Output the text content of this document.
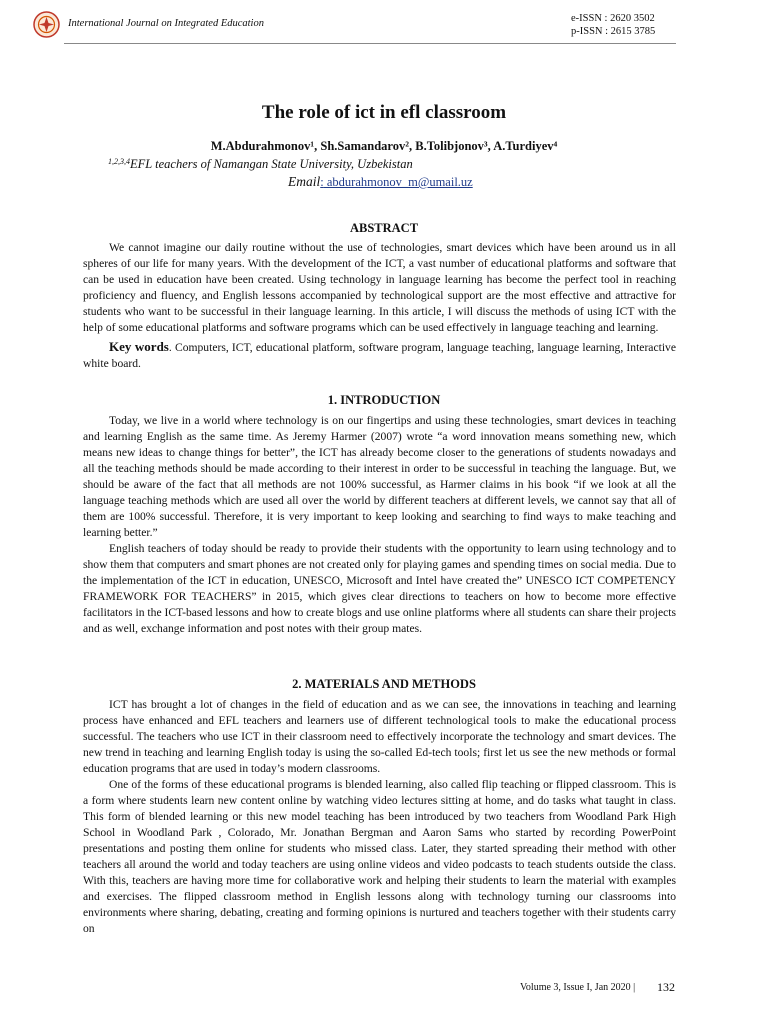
International Journal on Integrated Education	e-ISSN : 2620 3502
p-ISSN : 2615 3785
The role of ict in efl classroom
M.Abdurahmonov¹, Sh.Samandarov², B.Tolibjonov³, A.Turdiyev⁴
$^{1,2,3,4}$EFL teachers of Namangan State University, Uzbekistan
Email: abdurahmonov_m@umail.uz
ABSTRACT

We cannot imagine our daily routine without the use of technologies, smart devices which have been around us in all spheres of our life for many years. With the development of the ICT, a vast number of educational platforms and software that can be used in education have been created. Using technology in language learning has become the perfect tool in reaching proficiency and fluency, and English lessons accompanied by technological support are the most effective and attractive for students who want to be successful in their language learning. In this article, I will discuss the methods of using ICT with the help of some educational platforms and software programs which can be used effectively in language teaching and learning.

Key words. Computers, ICT, educational platform, software program, language teaching, language learning, Interactive white board.

1. INTRODUCTION

Today, we live in a world where technology is on our fingertips and using these technologies, smart devices in teaching and learning English as the same time. As Jeremy Harmer (2007) wrote “a word innovation means something new, which means new ideas to change things for better”, the ICT has already become closer to the generations of students nowadays and all the teaching methods should be made according to their interest in order to be successful in teaching the language. But, we should be aware of the fact that all methods are not 100% successful, as Harmer claims in his book “if we look at all the language teaching methods which are used all over the world by different teachers at different levels, we cannot say that all of them are 100% successful. Therefore, it is very important to keep looking and searching to find ways to make teaching and learning better.”

English teachers of today should be ready to provide their students with the opportunity to learn using technology and to show them that computers and smart phones are not created only for playing games and spending times on social media. Due to the implementation of the ICT in education, UNESCO, Microsoft and Intel have created the” UNESCO ICT COMPETENCY FRAMEWORK FOR TEACHERS” in 2015, which gives clear directions to teachers on how to become more effective facilitators in the ICT-based lessons and how to create blogs and use online platforms where all students can share their projects and as well, exchange information and post notes with their group mates.

2. MATERIALS AND METHODS

ICT has brought a lot of changes in the field of education and as we can see, the innovations in teaching and learning process have enhanced and EFL teachers and learners use of different technological tools to make the educational process successful. The teachers who use ICT in their classroom need to effectively incorporate the technology and smart devices. The new trend in teaching and learning English today is using the so-called Ed-tech tools; first let us see the new methods or formal education programs that are used in today’s modern classrooms.

One of the forms of these educational programs is blended learning, also called flip teaching or flipped classroom. This is a form where students learn new content online by watching video lectures sitting at home, and do tasks what taught in class. This form of blended learning or this new model teaching has been introduced by two teachers from Woodland Park High School in Woodland Park , Colorado, Mr. Jonathan Bergman and Aaron Sams who started by recording PowerPoint presentations and posting them online for students who missed class. Later, they started spreading their method with other teachers all around the world and today teachers are using online videos and video podcasts to teach students outside the class. With this, teachers are having more time for collaborative work and helping their students to learn the material with examples and exercises. The flipped classroom method in English lessons along with technology turning our classrooms into environments where sharing, debating, creating and forming opinions is nurtured and teachers together with their students carry on

Volume 3, Issue I, Jan 2020 | 132
